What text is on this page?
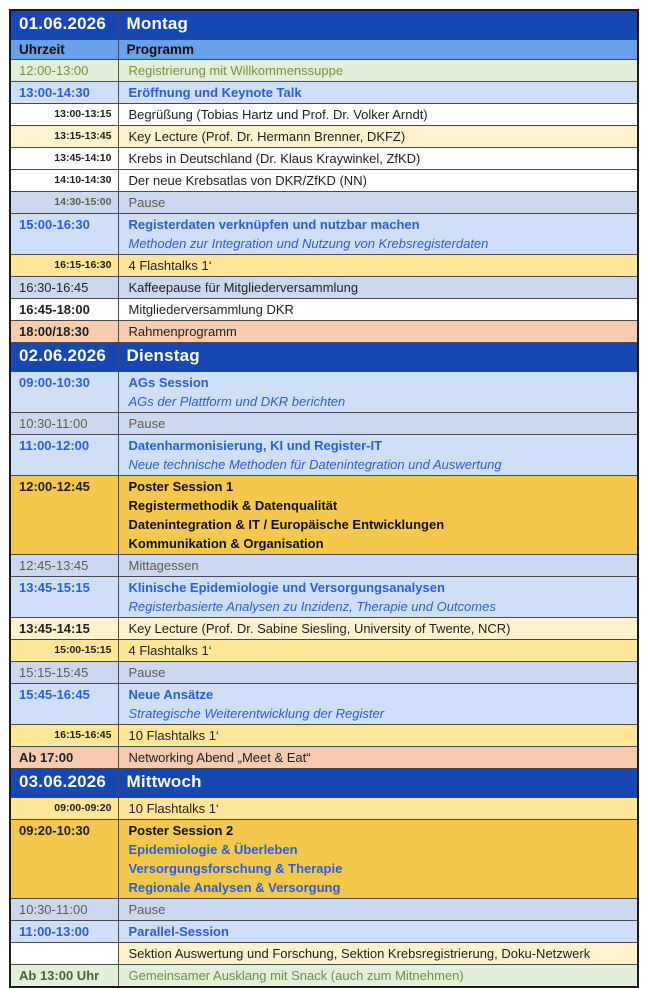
01.06.2026	Montag
Uhrzeit	Programm
12:00-13:00	Registrierung mit Willkommenssuppe

13:00-14:30	Eröffnung und Keynote Talk

13:00-13:15	Begrüßung (Tobias Hartz und Prof. Dr. Volker Arndt)

13:15-13:45	Key Lecture (Prof. Dr. Hermann Brenner, DKFZ)

13:45-14:10	Krebs in Deutschland (Dr. Klaus Kraywinkel, ZfKD)

14:10-14:30	Der neue Krebsatlas von DKR/ZfKD (NN)

14:30-15:00	Pause

15:00-16:30	Registerdaten verknüpfen und nutzbar machen
Methoden zur Integration und Nutzung von Krebsregisterdaten

16:15-16:30	4 Flashtalks 1‘

16:30-16:45	Kaffeepause für Mitgliederversammlung

16:45-18:00	Mitgliederversammlung DKR

18:00/18:30	Rahmenprogramm

02.06.2026	Dienstag
09:00-10:30	AGs Session
AGs der Plattform und DKR berichten

10:30-11:00	Pause

11:00-12:00	Datenharmonisierung, KI und Register-IT
Neue technische Methoden für Datenintegration und Auswertung

12:00-12:45	Poster Session 1
Registermethodik & Datenqualität
Datenintegration & IT / Europäische Entwicklungen
Kommunikation & Organisation

12:45-13:45	Mittagessen

13:45-15:15	Klinische Epidemiologie und Versorgungsanalysen
Registerbasierte Analysen zu Inzidenz, Therapie und Outcomes

13:45-14:15	Key Lecture (Prof. Dr. Sabine Siesling, University of Twente, NCR)

15:00-15:15	4 Flashtalks 1‘

15:15-15:45	Pause

15:45-16:45	Neue Ansätze
Strategische Weiterentwicklung der Register

16:15-16:45	10 Flashtalks 1‘

Ab 17:00	Networking Abend „Meet & Eat“

03.06.2026	Mittwoch
09:00-09:20	10 Flashtalks 1‘

09:20-10:30	Poster Session 2
Epidemiologie & Überleben
Versorgungsforschung & Therapie
Regionale Analysen & Versorgung

10:30-11:00	Pause

11:00-13:00	Parallel-Session

	Sektion Auswertung und Forschung, Sektion Krebsregistrierung, Doku-Netzwerk

Ab 13:00 Uhr	Gemeinsamer Ausklang mit Snack (auch zum Mitnehmen)
